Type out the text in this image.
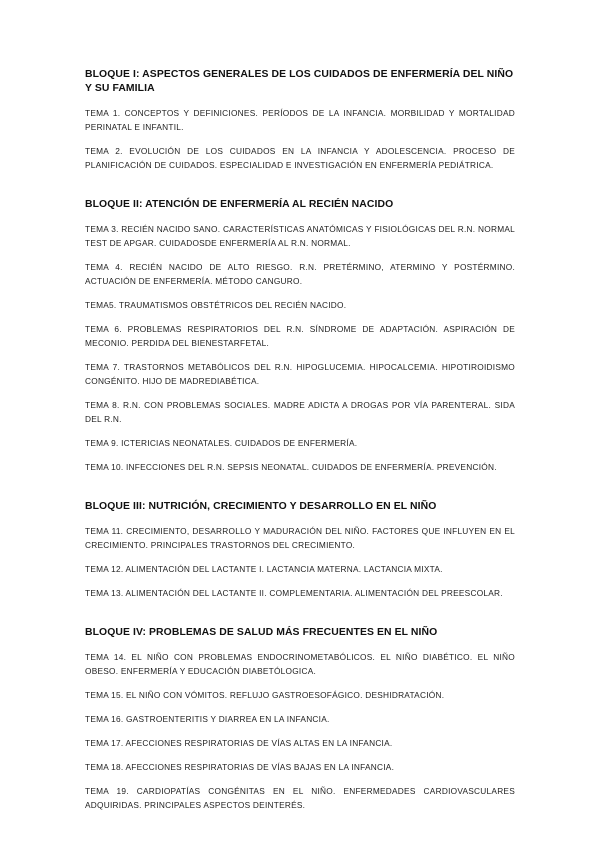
BLOQUE I: ASPECTOS GENERALES DE LOS CUIDADOS DE ENFERMERÍA DEL NIÑO Y SU FAMILIA

TEMA 1. CONCEPTOS Y DEFINICIONES. PERÍODOS DE LA INFANCIA. MORBILIDAD Y MORTALIDAD PERINATAL E INFANTIL.

TEMA 2. EVOLUCIÓN DE LOS CUIDADOS EN LA INFANCIA Y ADOLESCENCIA. PROCESO DE PLANIFICACIÓN DE CUIDADOS. ESPECIALIDAD E INVESTIGACIÓN EN ENFERMERÍA PEDIÁTRICA.

BLOQUE II: ATENCIÓN DE ENFERMERÍA AL RECIÉN NACIDO

TEMA 3. RECIÉN NACIDO SANO. CARACTERÍSTICAS ANATÓMICAS Y FISIOLÓGICAS DEL R.N. NORMAL TEST DE APGAR. CUIDADOSDE ENFERMERÍA AL R.N. NORMAL.

TEMA 4. RECIÉN NACIDO DE ALTO RIESGO. R.N. PRETÉRMINO, ATERMINO Y POSTÉRMINO. ACTUACIÓN DE ENFERMERÍA. MÉTODO CANGURO.

TEMA5. TRAUMATISMOS OBSTÉTRICOS DEL RECIÉN NACIDO.

TEMA 6. PROBLEMAS RESPIRATORIOS DEL R.N. SÍNDROME DE ADAPTACIÓN. ASPIRACIÓN DE MECONIO. PERDIDA DEL BIENESTARFETAL.

TEMA 7. TRASTORNOS METABÓLICOS DEL R.N. HIPOGLUCEMIA. HIPOCALCEMIA. HIPOTIROIDISMO CONGÉNITO. HIJO DE MADREDIABÉTICA.

TEMA 8. R.N. CON PROBLEMAS SOCIALES. MADRE ADICTA A DROGAS POR VÍA PARENTERAL. SIDA DEL R.N.

TEMA 9. ICTERICIAS NEONATALES. CUIDADOS DE ENFERMERÍA.

TEMA 10. INFECCIONES DEL R.N. SEPSIS NEONATAL. CUIDADOS DE ENFERMERÍA. PREVENCIÓN.

BLOQUE III: NUTRICIÓN, CRECIMIENTO Y DESARROLLO EN EL NIÑO

TEMA 11. CRECIMIENTO, DESARROLLO Y MADURACIÓN DEL NIÑO. FACTORES QUE INFLUYEN EN EL CRECIMIENTO. PRINCIPALES TRASTORNOS DEL CRECIMIENTO.

TEMA 12. ALIMENTACIÓN DEL LACTANTE I. LACTANCIA MATERNA. LACTANCIA MIXTA.

TEMA 13. ALIMENTACIÓN DEL LACTANTE II. COMPLEMENTARIA. ALIMENTACIÓN DEL PREESCOLAR.

BLOQUE IV: PROBLEMAS DE SALUD MÁS FRECUENTES EN EL NIÑO

TEMA 14. EL NIÑO CON PROBLEMAS ENDOCRINOMETABÓLICOS. EL NIÑO DIABÉTICO. EL NIÑO OBESO. ENFERMERÍA Y EDUCACIÓN DIABETÓLOGICA.

TEMA 15. EL NIÑO CON VÓMITOS. REFLUJO GASTROESOFÁGICO. DESHIDRATACIÓN.

TEMA 16. GASTROENTERITIS Y DIARREA EN LA INFANCIA.

TEMA 17. AFECCIONES RESPIRATORIAS DE VÍAS ALTAS EN LA INFANCIA.

TEMA 18. AFECCIONES RESPIRATORIAS DE VÍAS BAJAS EN LA INFANCIA.

TEMA 19. CARDIOPATÍAS CONGÉNITAS EN EL NIÑO. ENFERMEDADES CARDIOVASCULARES ADQUIRIDAS. PRINCIPALES ASPECTOS DEINTERÉS.
